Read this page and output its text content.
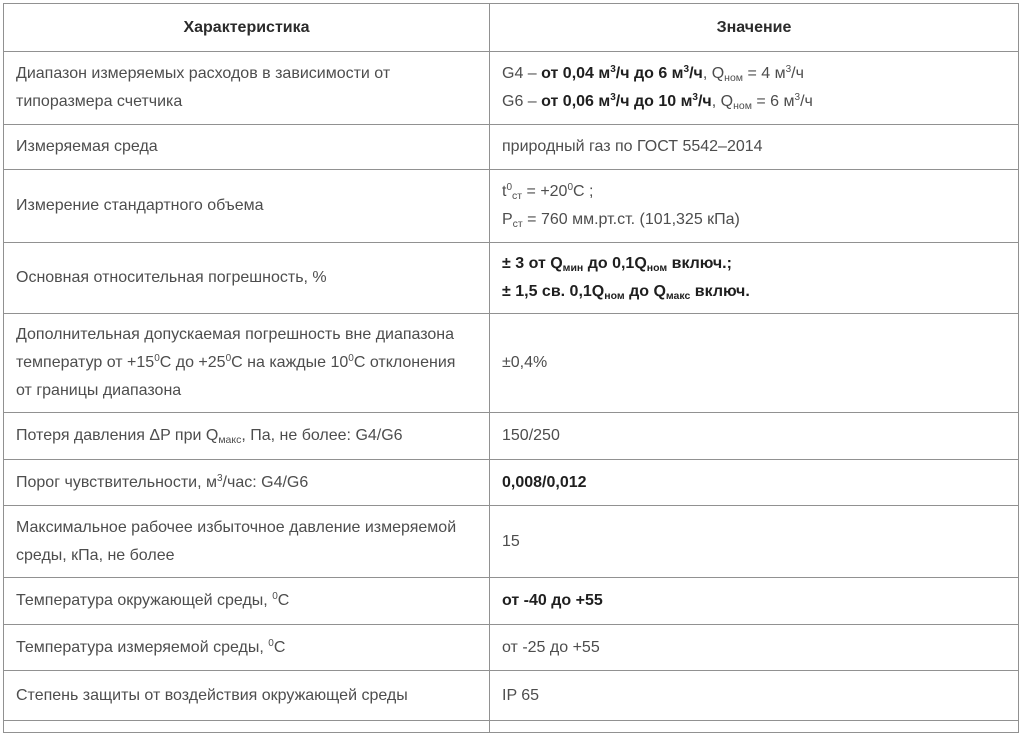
Характеристика	Значение

Диапазон измеряемых расходов в зависимости от типоразмера счетчика	G4 – от 0,04 $м^3/ч$ до 6 $м^3/ч$, Qном = 4 $м^3/ч$
G6 – от 0,06 $м^3/ч$ до 10 $м^3/ч$, Qном = 6 $м^3/ч$

Измеряемая среда	природный газ по ГОСТ 5542–2014

Измерение стандартного объема	$t^0ст = +20^0С$ ;
Рст = 760 мм.рт.ст. (101,325 кПа)

Основная относительная погрешность, %	± 3 от Qмин до 0,1Qном включ.;
± 1,5 св. 0,1Qном до Qмакс включ.

Дополнительная допускаемая погрешность вне диапазона температур от $+15^0С$ до $+25^0С$ на каждые $10^0С$ отклонения от границы диапазона	±0,4%

Потеря давления ΔP при Qмакс, Па, не более: G4/G6	150/250

Порог чувствительности, $м^3$/час: G4/G6	0,008/0,012

Максимальное рабочее избыточное давление измеряемой среды, кПа, не более	15

Температура окружающей среды, $^0$С	от -40 до +55

Температура измеряемой среды, $^0$С	от -25 до +55

Степень защиты от воздействия окружающей среды	IP 65
